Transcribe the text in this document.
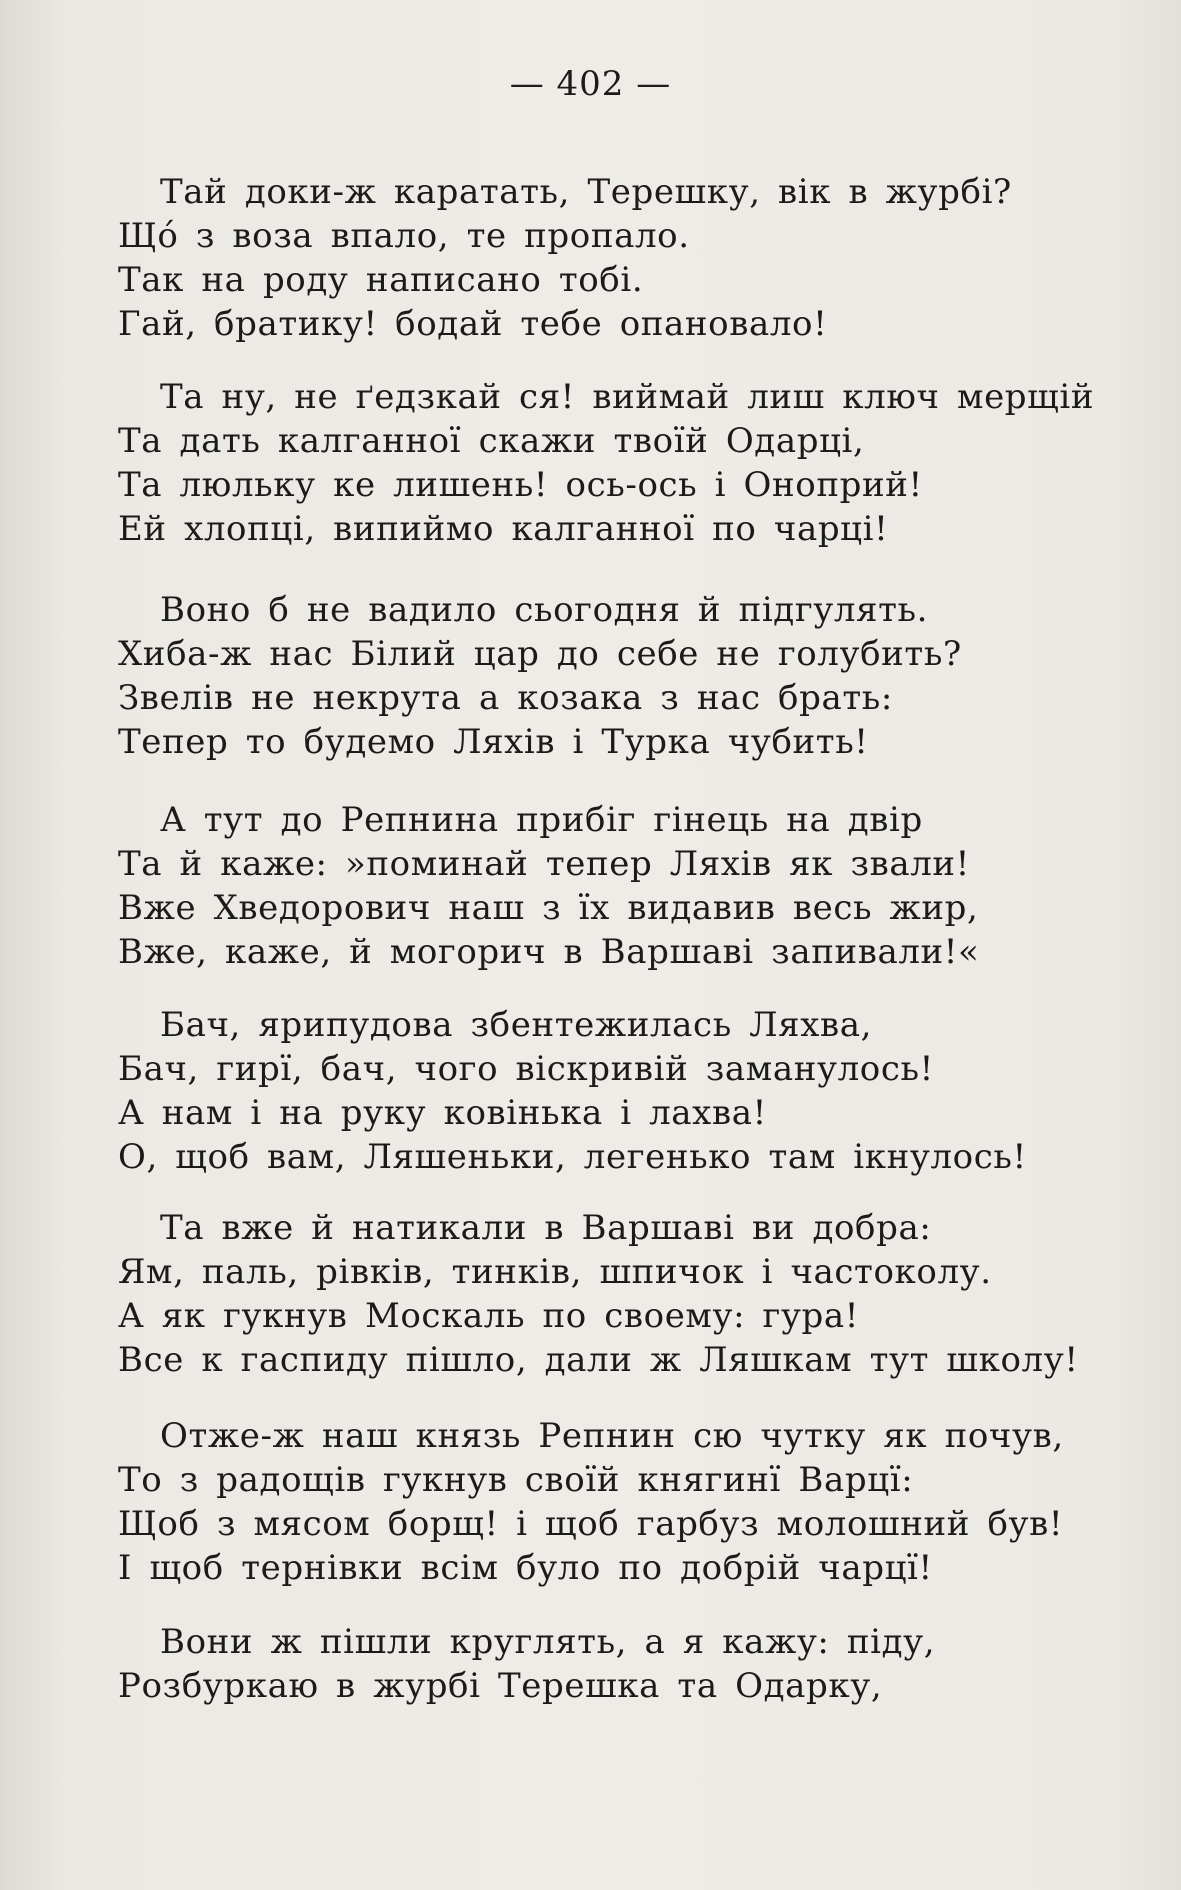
— 402 —
Тай доки-ж каратать, Терешку, вік в журбі?
Що́ з воза впало, те пропало.
Так на роду написано тобі.
Гай, братику! бодай тебе опановало!
Та ну, не ґедзкай ся! виймай лиш ключ мерщій
Та дать калганної скажи твоїй Одарці,
Та люльку ке лишень! ось-ось і Оноприй!
Ей хлопці, випиймо калганної по чарці!
Воно б не вадило сьогодня й підгулять.
Хиба-ж нас Білий цар до себе не голубить?
Звелів не некрута а козака з нас брать:
Тепер то будемо Ляхів і Турка чубить!
А тут до Репнина прибіг гінець на двір
Та й каже: »поминай тепер Ляхів як звали!
Вже Хведорович наш з їх видавив весь жир,
Вже, каже, й могорич в Варшаві запивали!«
Бач, ярипудова збентежилась Ляхва,
Бач, гирї, бач, чого віскривій заманулось!
А нам і на руку ковінька і лахва!
О, щоб вам, Ляшеньки, легенько там ікнулось!
Та вже й натикали в Варшаві ви добра:
Ям, паль, рівків, тинків, шпичок і частоколу.
А як гукнув Москаль по своему: гура!
Все к гаспиду пішло, дали ж Ляшкам тут школу!
Отже-ж наш князь Репнин сю чутку як почув,
То з радощів гукнув своїй княгинї Варцї:
Щоб з мясом борщ! і щоб гарбуз молошний був!
І щоб тернівки всім було по добрій чарцї!
Вони ж пішли круглять, а я кажу: піду,
Розбуркаю в журбі Терешка та Одарку,
